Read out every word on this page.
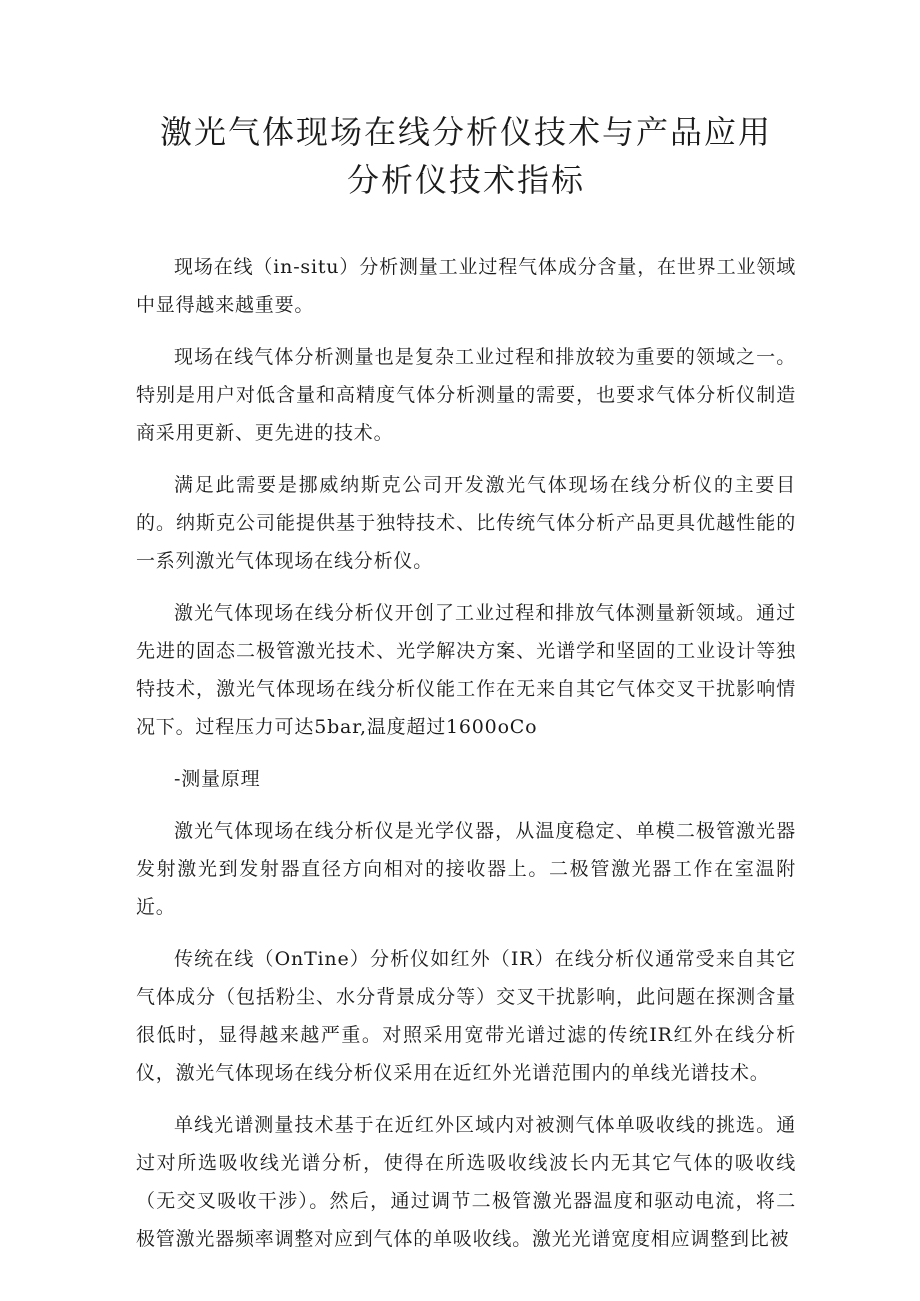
激光气体现场在线分析仪技术与产品应用分析仪技术指标

现场在线（in-situ）分析测量工业过程气体成分含量，在世界工业领域中显得越来越重要。

现场在线气体分析测量也是复杂工业过程和排放较为重要的领域之一。特别是用户对低含量和高精度气体分析测量的需要，也要求气体分析仪制造商采用更新、更先进的技术。

满足此需要是挪威纳斯克公司开发激光气体现场在线分析仪的主要目的。纳斯克公司能提供基于独特技术、比传统气体分析产品更具优越性能的一系列激光气体现场在线分析仪。

激光气体现场在线分析仪开创了工业过程和排放气体测量新领域。通过先进的固态二极管激光技术、光学解决方案、光谱学和坚固的工业设计等独特技术，激光气体现场在线分析仪能工作在无来自其它气体交叉干扰影响情况下。过程压力可达5bar,温度超过1600oCo

-测量原理

激光气体现场在线分析仪是光学仪器，从温度稳定、单模二极管激光器发射激光到发射器直径方向相对的接收器上。二极管激光器工作在室温附近。

传统在线（OnTine）分析仪如红外（IR）在线分析仪通常受来自其它气体成分（包括粉尘、水分背景成分等）交叉干扰影响，此问题在探测含量很低时，显得越来越严重。对照采用宽带光谱过滤的传统IR红外在线分析仪，激光气体现场在线分析仪采用在近红外光谱范围内的单线光谱技术。

单线光谱测量技术基于在近红外区域内对被测气体单吸收线的挑选。通过对所选吸收线光谱分析，使得在所选吸收线波长内无其它气体的吸收线（无交叉吸收干涉）。然后，通过调节二极管激光器温度和驱动电流，将二极管激光器频率调整对应到气体的单吸收线。激光光谱宽度相应调整到比被
